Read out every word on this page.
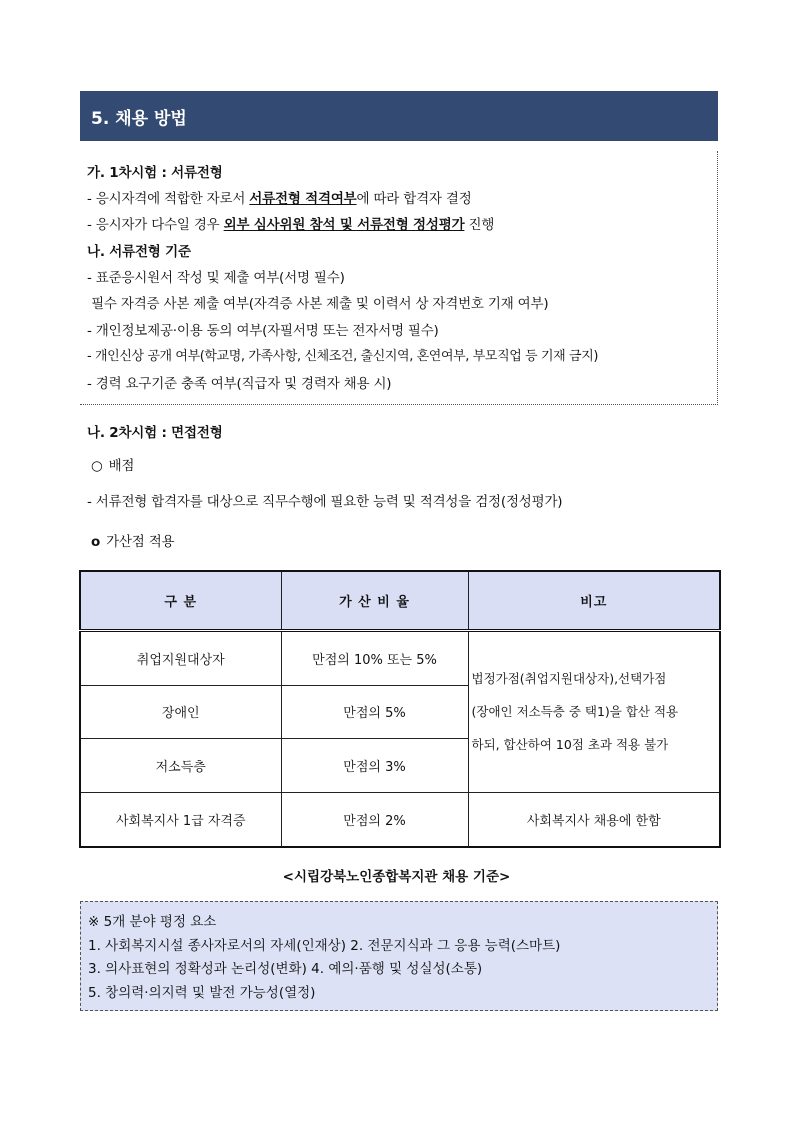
5. 채용 방법
가. 1차시험 : 서류전형
- 응시자격에 적합한 자로서 서류전형 적격여부에 따라 합격자 결정
- 응시자가 다수일 경우 외부 심사위원 참석 및 서류전형 정성평가 진행
나. 서류전형 기준
- 표준응시원서 작성 및 제출 여부(서명 필수)
필수 자격증 사본 제출 여부(자격증 사본 제출 및 이력서 상 자격번호 기재 여부)
- 개인정보제공·이용 동의 여부(자필서명 또는 전자서명 필수)
- 개인신상 공개 여부(학교명, 가족사항, 신체조건, 출신지역, 혼연여부, 부모직업 등 기재 금지)
- 경력 요구기준 충족 여부(직급자 및 경력자 채용 시)
나. 2차시험 : 면접전형
○ 배점
- 서류전형 합격자를 대상으로 직무수행에 필요한 능력 및 적격성을 검정(정성평가)
o 가산점 적용
구 분	가 산 비 율	비고
취업지원대상자	만점의 10% 또는 5%	법정가점(취업지원대상자),선택가점
(장애인 저소득층 중 택1)을 합산 적용
하되, 합산하여 10점 초과 적용 불가

장애인	만점의 5%	
저소득층	만점의 3%	
사회복지사 1급 자격증	만점의 2%	사회복지사 채용에 한함
<시립강북노인종합복지관 채용 기준>
※ 5개 분야 평정 요소
1. 사회복지시설 종사자로서의 자세(인재상) 2. 전문지식과 그 응용 능력(스마트)
3. 의사표현의 정확성과 논리성(변화) 4. 예의·품행 및 성실성(소통)
5. 창의력·의지력 및 발전 가능성(열정)
